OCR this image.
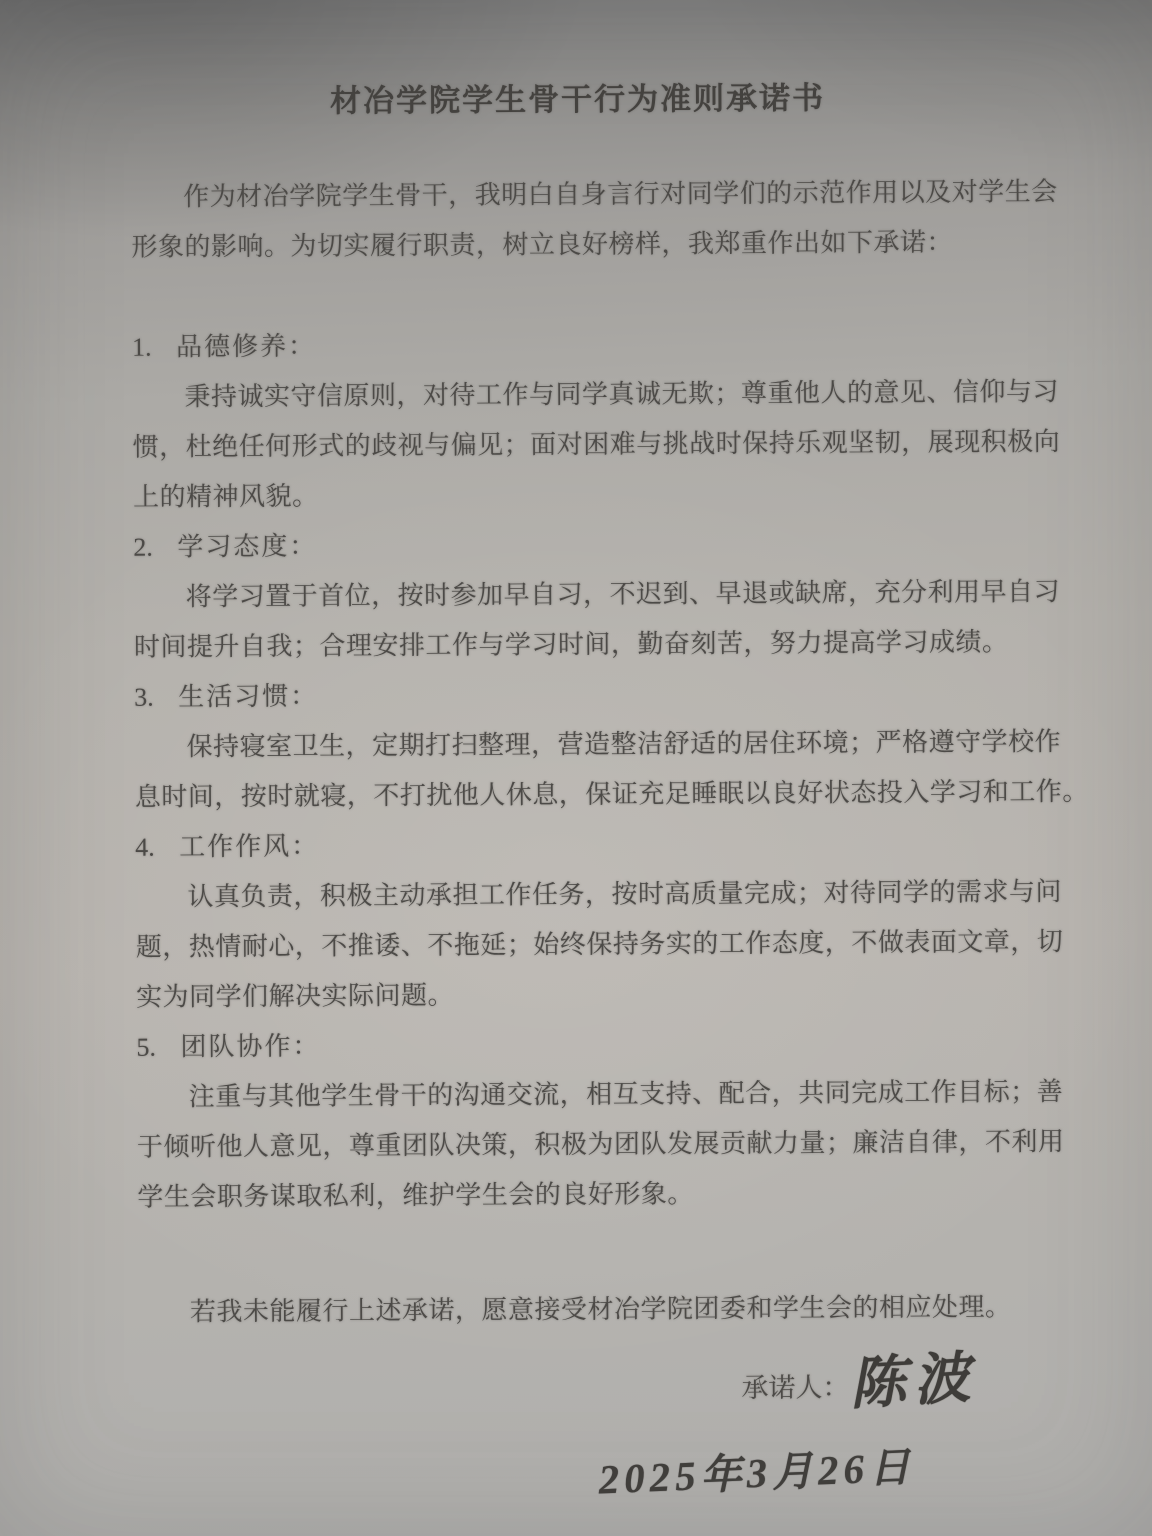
材冶学院学生骨干行为准则承诺书
作为材冶学院学生骨干，我明白自身言行对同学们的示范作用以及对学生会
形象的影响。为切实履行职责，树立良好榜样，我郑重作出如下承诺：
1. 品德修养：
秉持诚实守信原则，对待工作与同学真诚无欺；尊重他人的意见、信仰与习
惯，杜绝任何形式的歧视与偏见；面对困难与挑战时保持乐观坚韧，展现积极向
上的精神风貌。
2. 学习态度：
将学习置于首位，按时参加早自习，不迟到、早退或缺席，充分利用早自习
时间提升自我；合理安排工作与学习时间，勤奋刻苦，努力提高学习成绩。
3. 生活习惯：
保持寝室卫生，定期打扫整理，营造整洁舒适的居住环境；严格遵守学校作
息时间，按时就寝，不打扰他人休息，保证充足睡眠以良好状态投入学习和工作。
4. 工作作风：
认真负责，积极主动承担工作任务，按时高质量完成；对待同学的需求与问
题，热情耐心，不推诿、不拖延；始终保持务实的工作态度，不做表面文章，切
实为同学们解决实际问题。
5. 团队协作：
注重与其他学生骨干的沟通交流，相互支持、配合，共同完成工作目标；善
于倾听他人意见，尊重团队决策，积极为团队发展贡献力量；廉洁自律，不利用
学生会职务谋取私利，维护学生会的良好形象。
若我未能履行上述承诺，愿意接受材冶学院团委和学生会的相应处理。
承诺人：陈波
2025年3月26日
